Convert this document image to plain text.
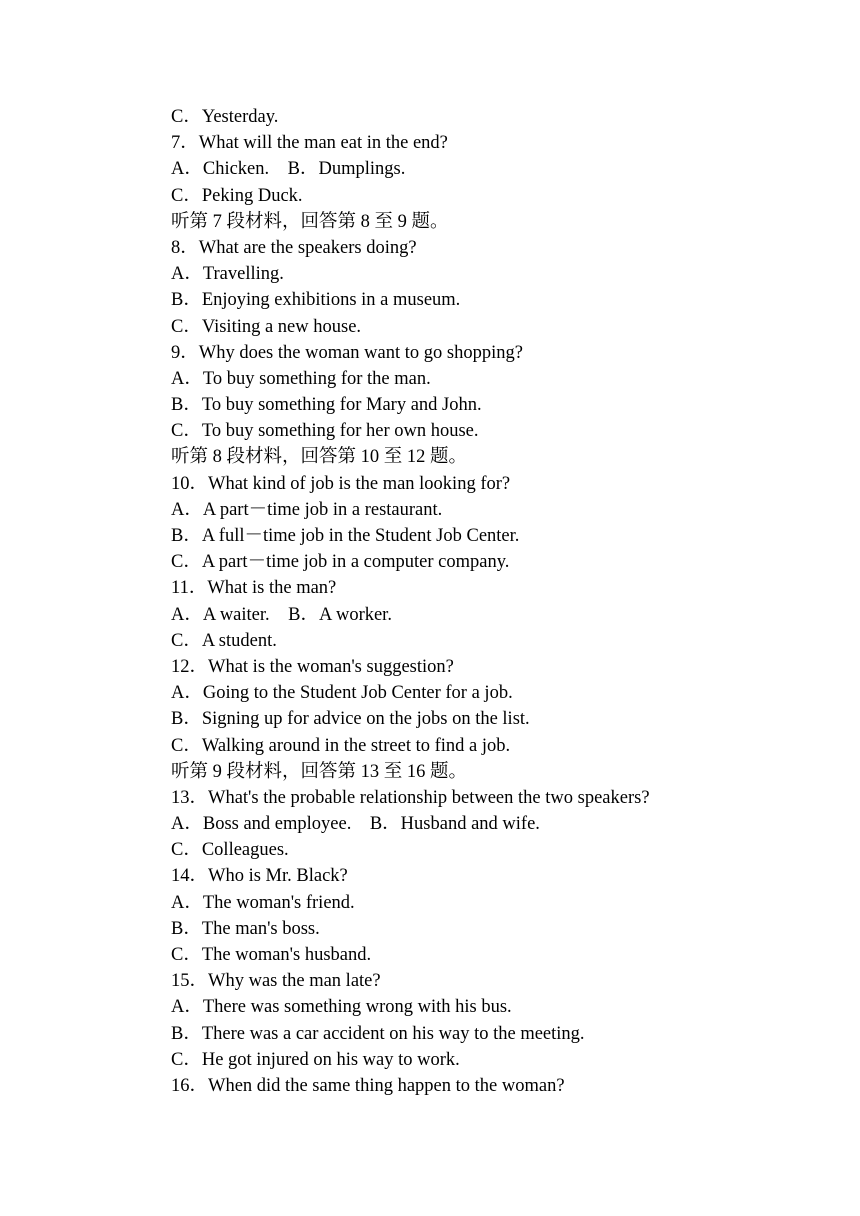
C．Yesterday.
7．What will the man eat in the end?
A．Chicken.    B．Dumplings.
C．Peking Duck.
听第 7 段材料，回答第 8 至 9 题。
8．What are the speakers doing?
A．Travelling.
B．Enjoying exhibitions in a museum.
C．Visiting a new house.
9．Why does the woman want to go shopping?
A．To buy something for the man.
B．To buy something for Mary and John.
C．To buy something for her own house.
听第 8 段材料，回答第 10 至 12 题。
10．What kind of job is the man looking for?
A．A part－time job in a restaurant.
B．A full－time job in the Student Job Center.
C．A part－time job in a computer company.
11．What is the man?
A．A waiter.    B．A worker.
C．A student.
12．What is the woman's suggestion?
A．Going to the Student Job Center for a job.
B．Signing up for advice on the jobs on the list.
C．Walking around in the street to find a job.
听第 9 段材料，回答第 13 至 16 题。
13．What's the probable relationship between the two speakers?
A．Boss and employee.    B．Husband and wife.
C．Colleagues.
14．Who is Mr. Black?
A．The woman's friend.
B．The man's boss.
C．The woman's husband.
15．Why was the man late?
A．There was something wrong with his bus.
B．There was a car accident on his way to the meeting.
C．He got injured on his way to work.
16．When did the same thing happen to the woman?
